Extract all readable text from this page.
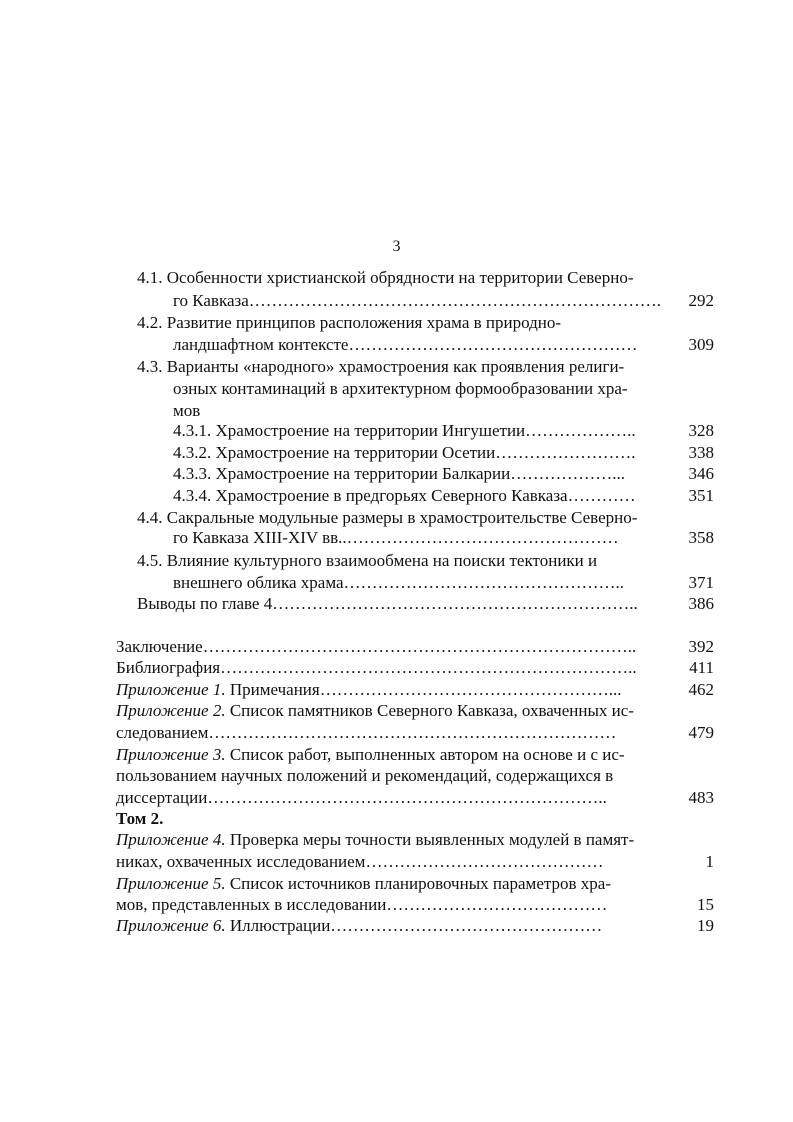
3
4.1. Особенности христианской обрядности на территории Северно-
го Кавказа……………………………………………………………….	292
4.2. Развитие принципов расположения храма в природно-
ландшафтном контексте……………………………………………	309
4.3. Варианты «народного» храмостроения как проявления религи-
озных контаминаций в архитектурном формообразовании хра-
мов
4.3.1. Храмостроение на территории Ингушетии………………..	328
4.3.2. Храмостроение на территории Осетии…………………….	338
4.3.3. Храмостроение на территории Балкарии………………...	346
4.3.4. Храмостроение в предгорьях Северного Кавказа…………	351
4.4. Сакральные модульные размеры в храмостроительстве Северно-
го Кавказа XIII-XIV вв..…………………………………………	358
4.5. Влияние культурного взаимообмена на поиски тектоники и
внешнего облика храма…………………………………………..	371
Выводы по главе 4………………………………………………………..	386
Заключение…………………………………………………………………..	392
Библиография………………………………………………………………..	411
Приложение 1. Примечания……………………………………………...	462
Приложение 2. Список памятников Северного Кавказа, охваченных ис-
следованием………………………………………………………………	479
Приложение 3. Список работ, выполненных автором на основе и с ис-
пользованием научных положений и рекомендаций, содержащихся в
диссертации……………………………………………………………..	483
Том 2.
Приложение 4. Проверка меры точности выявленных модулей в памят-
никах, охваченных исследованием……………………………………	1
Приложение 5. Список источников планировочных параметров хра-
мов, представленных в исследовании…………………………………	15
Приложение 6. Иллюстрации…………………………………………	19
